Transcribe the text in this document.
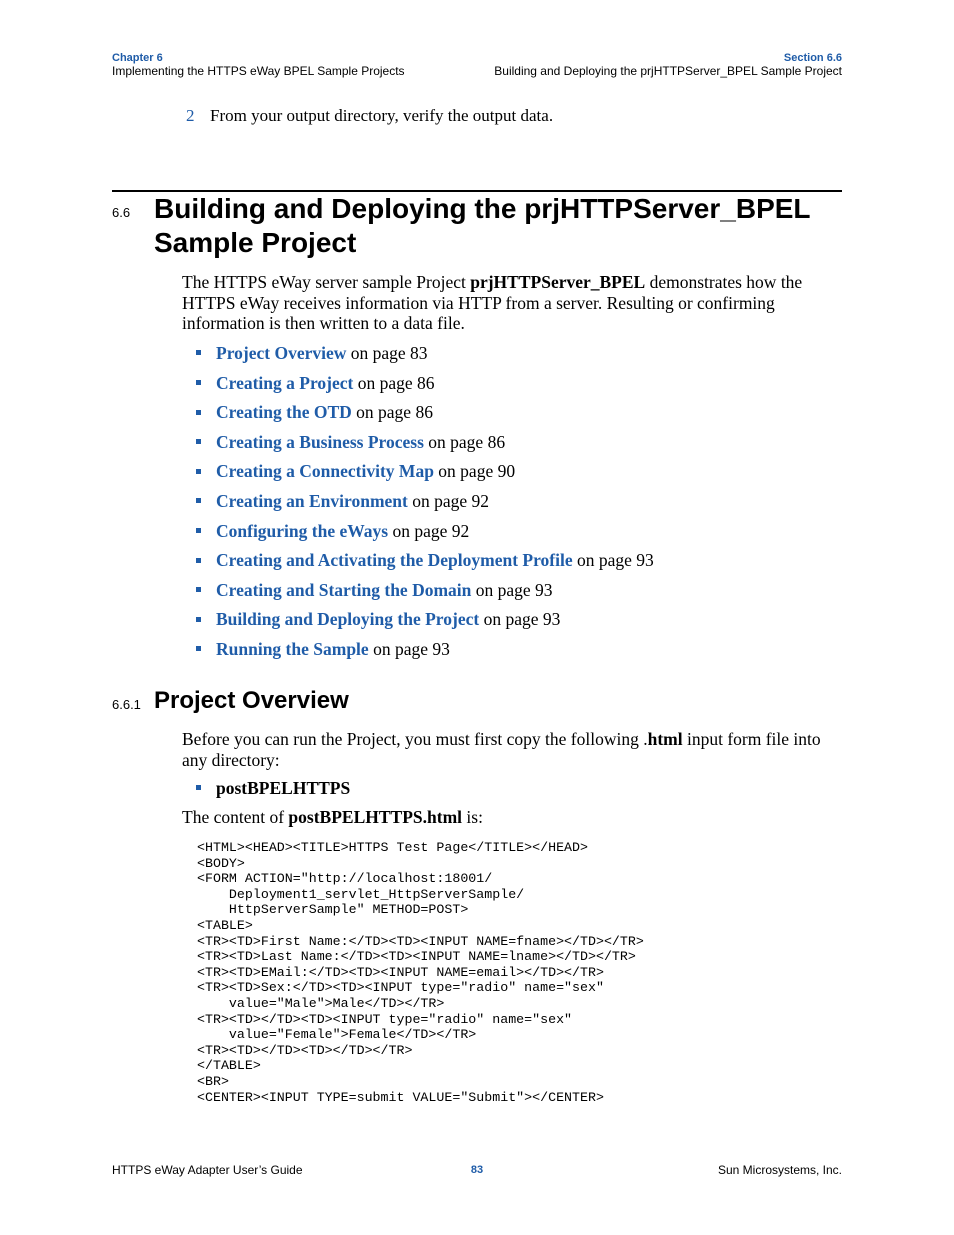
Chapter 6
Implementing the HTTPS eWay BPEL Sample Projects
Section 6.6
Building and Deploying the prjHTTPServer_BPEL Sample Project
2 From your output directory, verify the output data.
6.6 Building and Deploying the prjHTTPServer_BPEL Sample Project
The HTTPS eWay server sample Project prjHTTPServer_BPEL demonstrates how the HTTPS eWay receives information via HTTP from a server. Resulting or confirming information is then written to a data file.
Project Overview on page 83
Creating a Project on page 86
Creating the OTD on page 86
Creating a Business Process on page 86
Creating a Connectivity Map on page 90
Creating an Environment on page 92
Configuring the eWays on page 92
Creating and Activating the Deployment Profile on page 93
Creating and Starting the Domain on page 93
Building and Deploying the Project on page 93
Running the Sample on page 93
6.6.1 Project Overview
Before you can run the Project, you must first copy the following .html input form file into any directory:
postBPELHTTPS
The content of postBPELHTTPS.html is:
<HTML><HEAD><TITLE>HTTPS Test Page</TITLE></HEAD>
<BODY>
<FORM ACTION="http://localhost:18001/
Deployment1_servlet_HttpServerSample/
HttpServerSample" METHOD=POST>
<TABLE>
<TR><TD>First Name:</TD><TD><INPUT NAME=fname></TD></TR>
<TR><TD>Last Name:</TD><TD><INPUT NAME=lname></TD></TR>
<TR><TD>EMail:</TD><TD><INPUT NAME=email></TD></TR>
<TR><TD>Sex:</TD><TD><INPUT type="radio" name="sex"
value="Male">Male</TD></TR>
<TR><TD></TD><TD><INPUT type="radio" name="sex"
value="Female">Female</TD></TR>
<TR><TD></TD><TD></TD></TR>
</TABLE>
<BR>
<CENTER><INPUT TYPE=submit VALUE="Submit"></CENTER>
HTTPS eWay Adapter User’s Guide	83	Sun Microsystems, Inc.
